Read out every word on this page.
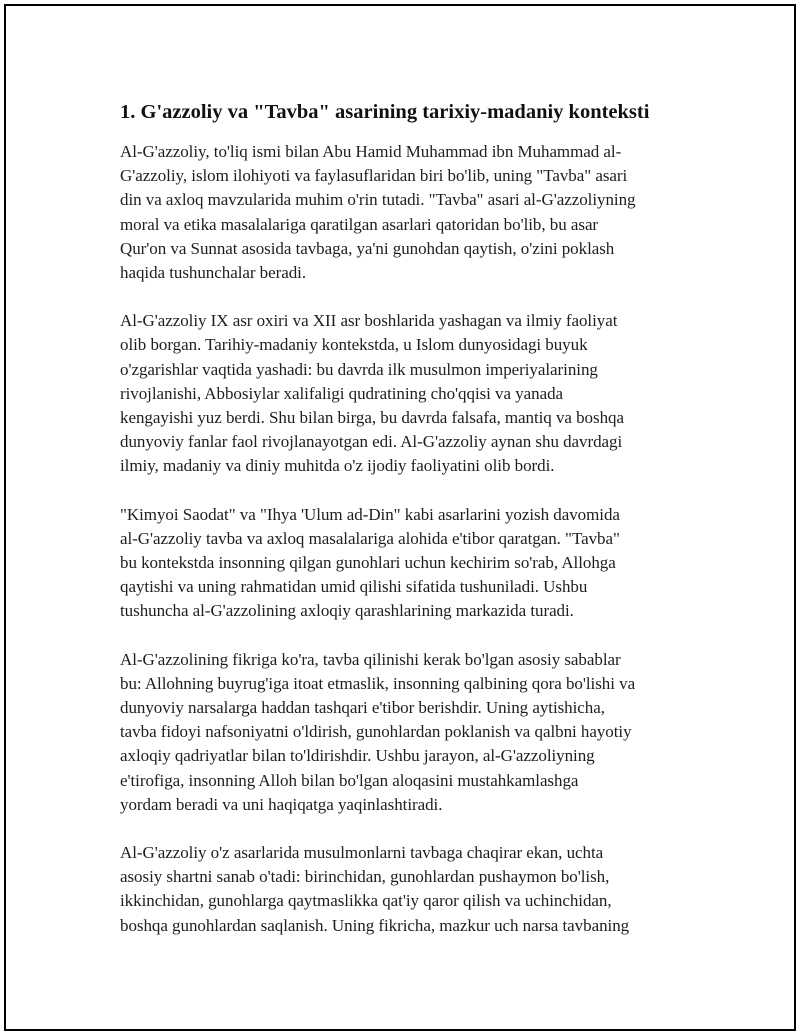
1. G'azzoliy va "Tavba" asarining tarixiy-madaniy konteksti

Al-G'azzoliy, to'liq ismi bilan Abu Hamid Muhammad ibn Muhammad al-
G'azzoliy, islom ilohiyoti va faylasuflaridan biri bo'lib, uning "Tavba" asari
din va axloq mavzularida muhim o'rin tutadi. "Tavba" asari al-G'azzoliyning
moral va etika masalalariga qaratilgan asarlari qatoridan bo'lib, bu asar
Qur'on va Sunnat asosida tavbaga, ya'ni gunohdan qaytish, o'zini poklash
haqida tushunchalar beradi.

Al-G'azzoliy IX asr oxiri va XII asr boshlarida yashagan va ilmiy faoliyat
olib borgan. Tarihiy-madaniy kontekstda, u Islom dunyosidagi buyuk
o'zgarishlar vaqtida yashadi: bu davrda ilk musulmon imperiyalarining
rivojlanishi, Abbosiylar xalifaligi qudratining cho'qqisi va yanada
kengayishi yuz berdi. Shu bilan birga, bu davrda falsafa, mantiq va boshqa
dunyoviy fanlar faol rivojlanayotgan edi. Al-G'azzoliy aynan shu davrdagi
ilmiy, madaniy va diniy muhitda o'z ijodiy faoliyatini olib bordi.

"Kimyoi Saodat" va "Ihya 'Ulum ad-Din" kabi asarlarini yozish davomida
al-G'azzoliy tavba va axloq masalalariga alohida e'tibor qaratgan. "Tavba"
bu kontekstda insonning qilgan gunohlari uchun kechirim so'rab, Allohga
qaytishi va uning rahmatidan umid qilishi sifatida tushuniladi. Ushbu
tushuncha al-G'azzolining axloqiy qarashlarining markazida turadi.

Al-G'azzolining fikriga ko'ra, tavba qilinishi kerak bo'lgan asosiy sabablar
bu: Allohning buyrug'iga itoat etmaslik, insonning qalbining qora bo'lishi va
dunyoviy narsalarga haddan tashqari e'tibor berishdir. Uning aytishicha,
tavba fidoyi nafsoniyatni o'ldirish, gunohlardan poklanish va qalbni hayotiy
axloqiy qadriyatlar bilan to'ldirishdir. Ushbu jarayon, al-G'azzoliyning
e'tirofiga, insonning Alloh bilan bo'lgan aloqasini mustahkamlashga
yordam beradi va uni haqiqatga yaqinlashtiradi.

Al-G'azzoliy o'z asarlarida musulmonlarni tavbaga chaqirar ekan, uchta
asosiy shartni sanab o'tadi: birinchidan, gunohlardan pushaymon bo'lish,
ikkinchidan, gunohlarga qaytmaslikka qat'iy qaror qilish va uchinchidan,
boshqa gunohlardan saqlanish. Uning fikricha, mazkur uch narsa tavbaning
